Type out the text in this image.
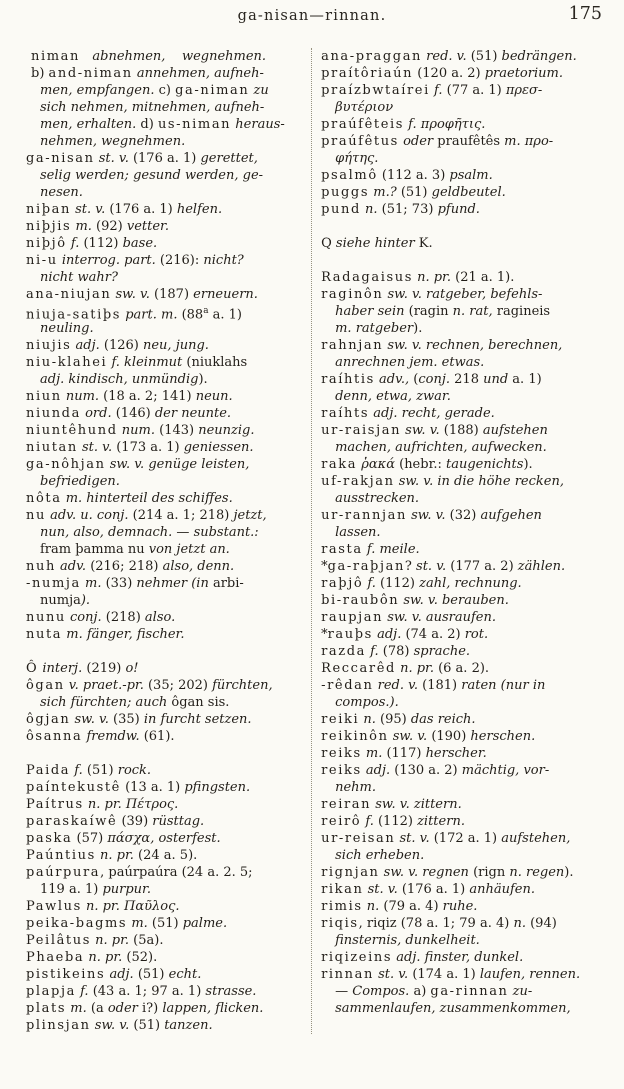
ga-nisan—rinnan.	175
niman   abnehmen,    wegnehmen.
b) and-niman annehmen, aufneh-
men, empfangen. c) ga-niman zu
sich nehmen, mitnehmen, aufneh-
men, erhalten. d) us-niman heraus-
nehmen, wegnehmen.
ga-nisan st. v. (176 a. 1) gerettet,
selig werden; gesund werden, ge-
nesen.
niþan st. v. (176 a. 1) helfen.
niþjis m. (92) vetter.
niþjô f. (112) base.
ni-u interrog. part. (216): nicht?
nicht wahr?
ana-niujan sw. v. (187) erneuern.
niuja-satiþs part. m. (88$^a$ a. 1)
neuling.
niujis adj. (126) neu, jung.
niu-klahei f. kleinmut (niuklahs
adj. kindisch, unmündig).
niun num. (18 a. 2; 141) neun.
niunda ord. (146) der neunte.
niuntêhund num. (143) neunzig.
niutan st. v. (173 a. 1) geniessen.
ga-nôhjan sw. v. genüge leisten,
befriedigen.
nôta m. hinterteil des schiffes.
nu adv. u. conj. (214 a. 1; 218) jetzt,
nun, also, demnach. — substant.:
fram þamma nu von jetzt an.
nuh adv. (216; 218) also, denn.
-numja m. (33) nehmer (in arbi-
numja).
nunu conj. (218) also.
nuta m. fänger, fischer.
Ô interj. (219) o!
ôgan v. praet.-pr. (35; 202) fürchten,
sich fürchten; auch ôgan sis.
ôgjan sw. v. (35) in furcht setzen.
ôsanna fremdw. (61).
Paida f. (51) rock.
paíntekustê (13 a. 1) pfingsten.
Paítrus n. pr. Πέτρος.
paraskaíwê (39) rüsttag.
paska (57) πάσχα, osterfest.
Paúntius n. pr. (24 a. 5).
paúrpura, paúrpaúra (24 a. 2. 5;
119 a. 1) purpur.
Pawlus n. pr. Παῦλος.
peika-bagms m. (51) palme.
Peilâtus n. pr. (5a).
Phaeba n. pr. (52).
pistikeins adj. (51) echt.
plapja f. (43 a. 1; 97 a. 1) strasse.
plats m. (a oder i?) lappen, flicken.
plinsjan sw. v. (51) tanzen.
ana-praggan red. v. (51) bedrängen.
praítôriaún (120 a. 2) praetorium.
praízbwtaírei f. (77 a. 1) πρεσ-
βυτέριον
praúfêteis f. προφῆτις.
praúfêtus oder praufêtês m. προ-
φήτης.
psalmô (112 a. 3) psalm.
puggs m.? (51) geldbeutel.
pund n. (51; 73) pfund.
Q siehe hinter K.
Radagaisus n. pr. (21 a. 1).
raginôn sw. v. ratgeber, befehls-
haber sein (ragin n. rat, ragineis
m. ratgeber).
rahnjan sw. v. rechnen, berechnen,
anrechnen jem. etwas.
raíhtis adv., (conj. 218 und a. 1)
denn, etwa, zwar.
raíhts adj. recht, gerade.
ur-raisjan sw. v. (188) aufstehen
machen, aufrichten, aufwecken.
raka ῥακά (hebr.: taugenichts).
uf-rakjan sw. v. in die höhe recken,
ausstrecken.
ur-rannjan sw. v. (32) aufgehen
lassen.
rasta f. meile.
*ga-raþjan? st. v. (177 a. 2) zählen.
raþjô f. (112) zahl, rechnung.
bi-raubôn sw. v. berauben.
raupjan sw. v. ausraufen.
*rauþs adj. (74 a. 2) rot.
razda f. (78) sprache.
Reccarêd n. pr. (6 a. 2).
-rêdan red. v. (181) raten (nur in
compos.).
reiki n. (95) das reich.
reikinôn sw. v. (190) herschen.
reiks m. (117) herscher.
reiks adj. (130 a. 2) mächtig, vor-
nehm.
reiran sw. v. zittern.
reirô f. (112) zittern.
ur-reisan st. v. (172 a. 1) aufstehen,
sich erheben.
rignjan sw. v. regnen (rign n. regen).
rikan st. v. (176 a. 1) anhäufen.
rimis n. (79 a. 4) ruhe.
riqis, riqiz (78 a. 1; 79 a. 4) n. (94)
finsternis, dunkelheit.
riqizeins adj. finster, dunkel.
rinnan st. v. (174 a. 1) laufen, rennen.
— Compos. a) ga-rinnan zu-
sammenlaufen, zusammenkommen,
